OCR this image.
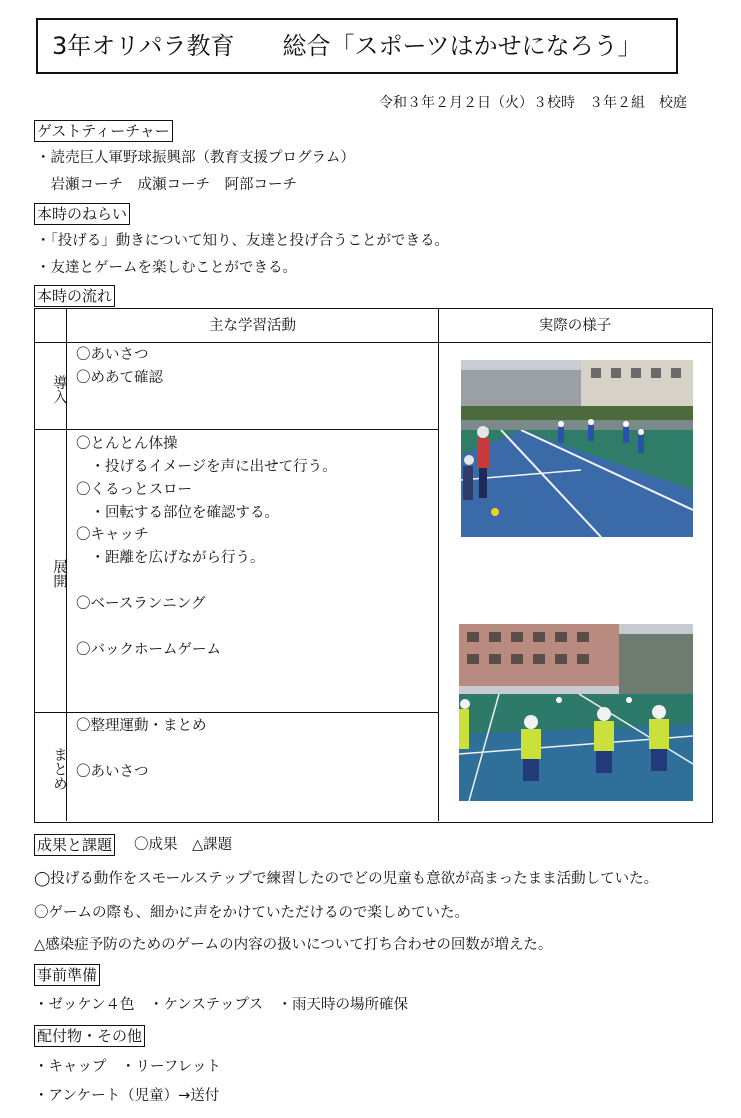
3年オリパラ教育　　総合「スポーツはかせになろう」
令和３年２月２日（火）３校時　３年２組　校庭
ゲストティーチャー
・読売巨人軍野球振興部（教育支援プログラム）
　岩瀬コーチ　成瀬コーチ　阿部コーチ
本時のねらい
・「投げる」動きについて知り、友達と投げ合うことができる。
・友達とゲームを楽しむことができる。
本時の流れ
主な学習活動	実際の様子
導入
〇あいさつ
〇めあて確認
展開
〇とんとん体操
　・投げるイメージを声に出せて行う。
〇くるっとスロー
　・回転する部位を確認する。
〇キャッチ
　・距離を広げながら行う。
〇ベースランニング
〇バックホームゲーム
まとめ
〇整理運動・まとめ
〇あいさつ
成果と課題 〇成果　△課題
◯投げる動作をスモールステップで練習したのでどの児童も意欲が高まったまま活動していた。
〇ゲームの際も、細かに声をかけていただけるので楽しめていた。
△感染症予防のためのゲームの内容の扱いについて打ち合わせの回数が増えた。
事前準備
・ゼッケン４色　・ケンステップス　・雨天時の場所確保
配付物・その他
・キャップ　・リーフレット
・アンケート（児童）→送付
